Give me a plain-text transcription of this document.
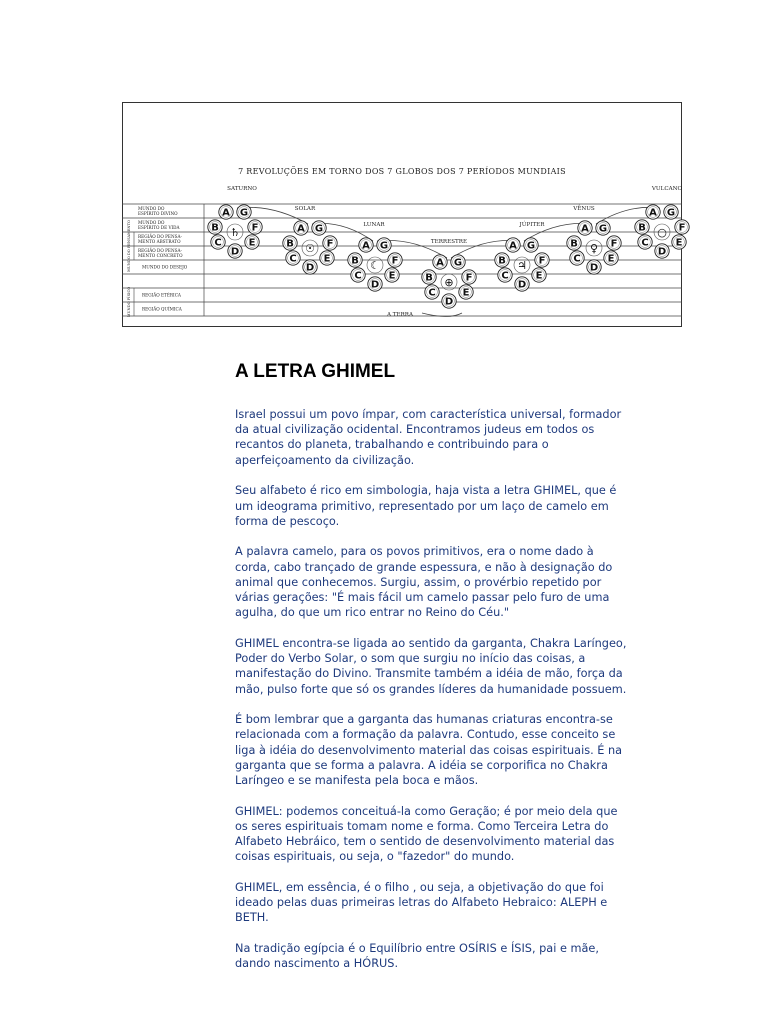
7 REVOLUÇÕES EM TORNO DOS 7 GLOBOS DOS 7 PERÍODOS MUNDIAIS
MUNDO DO
ESPÍRITO DIVINO
MUNDO DO
ESPÍRITO DE VIDA
REGIÃO DO PENSA-
MENTO ABSTRATO
REGIÃO DO PENSA-
MENTO CONCRETO
MUNDO DO DESEJO
REGIÃO ETÉRICA
REGIÃO QUÍMICA
MUNDO DO PENSAMENTO
MUNDO FÍSICO	A TERRA
SATURNO
A G
B	F
C	E
D
♄
SOLAR
A G
B	F
C	E
D
☉
LUNAR
A G
B	F
C	E
D
☾
TERRESTRE
A G
B	F
C	E
D
⊕
JÚPITER
A G
B	F
C	E
D
♃
VÊNUS
A G
B	F
C	E
D
♀
VULCANO
A G
B	F
C	E
D
○
A LETRA GHIMEL

Israel possui um povo ímpar, com característica universal, formador da atual civilização ocidental. Encontramos judeus em todos os recantos do planeta, trabalhando e contribuindo para o aperfeiçoamento da civilização.

Seu alfabeto é rico em simbologia, haja vista a letra GHIMEL, que é um ideograma primitivo, representado por um laço de camelo em forma de pescoço.

A palavra camelo, para os povos primitivos, era o nome dado à corda, cabo trançado de grande espessura, e não à designação do animal que conhecemos. Surgiu, assim, o provérbio repetido por várias gerações: "É mais fácil um camelo passar pelo furo de uma agulha, do que um rico entrar no Reino do Céu."

GHIMEL encontra-se ligada ao sentido da garganta, Chakra Laríngeo, Poder do Verbo Solar, o som que surgiu no início das coisas, a manifestação do Divino. Transmite também a idéia de mão, força da mão, pulso forte que só os grandes líderes da humanidade possuem.

É bom lembrar que a garganta das humanas criaturas encontra-se relacionada com a formação da palavra. Contudo, esse conceito se liga à idéia do desenvolvimento material das coisas espirituais. É na garganta que se forma a palavra. A idéia se corporifica no Chakra Laríngeo e se manifesta pela boca e mãos.

GHIMEL: podemos conceituá-la como Geração; é por meio dela que os seres espirituais tomam nome e forma. Como Terceira Letra do Alfabeto Hebráico, tem o sentido de desenvolvimento material das coisas espirituais, ou seja, o "fazedor" do mundo.

GHIMEL, em essência, é o filho , ou seja, a objetivação do que foi ideado pelas duas primeiras letras do Alfabeto Hebraico: ALEPH e BETH.

Na tradição egípcia é o Equilíbrio entre OSÍRIS e ÍSIS, pai e mãe, dando nascimento a HÓRUS.
